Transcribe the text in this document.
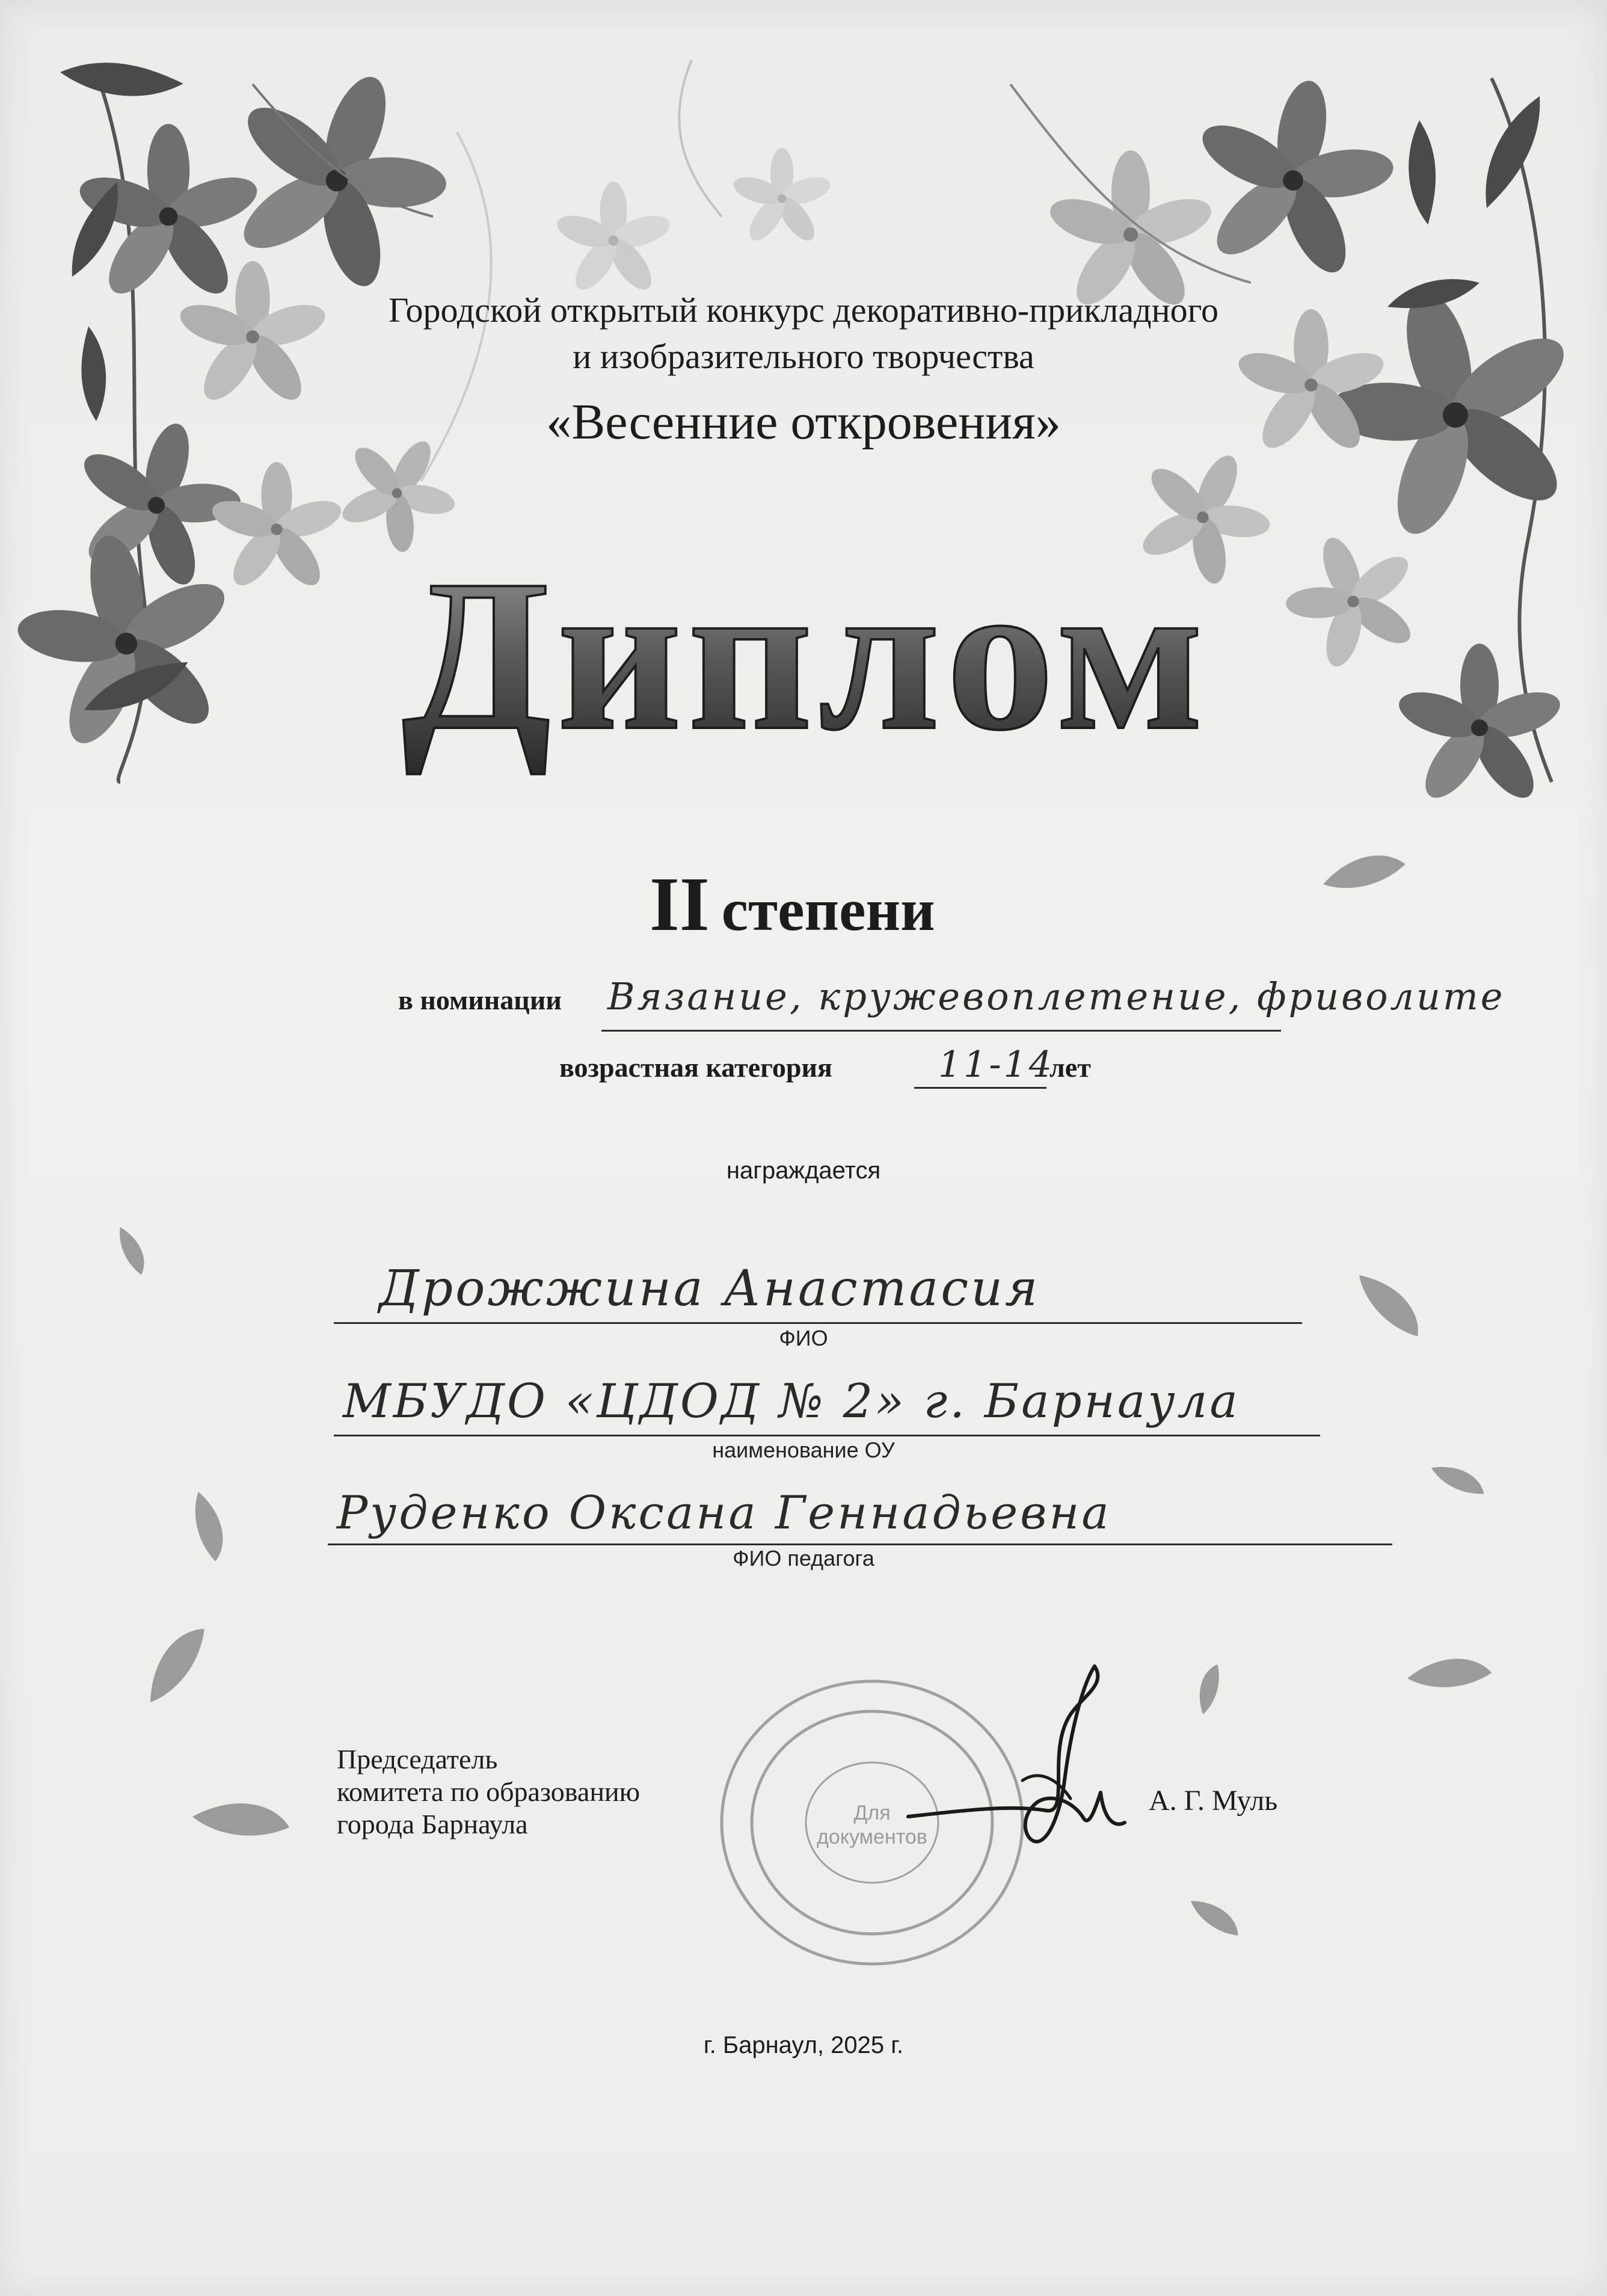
Городской открытый конкурс декоративно-прикладного
и изобразительного творчества
«Весенние откровения»
Диплом
II степени
в номинации Вязание, кружевоплетение, фриволите
возрастная категория	11-14
лет
награждается
Дрожжина Анастасия
ФИО
МБУДО «ЦДОД № 2» г. Барнаула
наименование ОУ
Руденко Оксана Геннадьевна
ФИО педагога
Председатель
комитета по образованию
города Барнаула	Для
документов
А. Г. Муль
г. Барнаул, 2025 г.
